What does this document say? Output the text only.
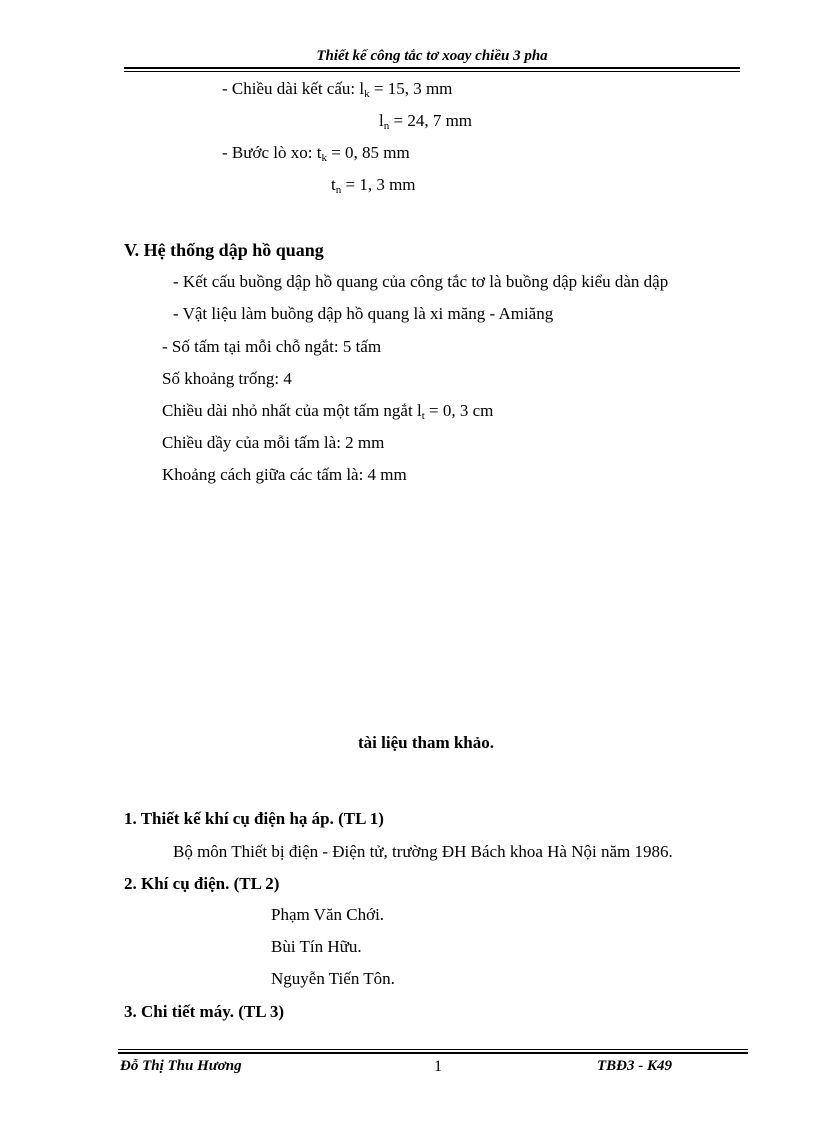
Thiết kế công tắc tơ xoay chiều 3 pha
- Chiều dài kết cấu: $l_k = 15$, 3 mm
$l_n = 24$, 7 mm
- Bước lò xo: $t_k = 0$, 85 mm
$t_n = 1$, 3 mm
V. Hệ thống dập hồ quang
- Kết cấu buồng dập hồ quang của công tắc tơ là buồng dập kiểu dàn dập
- Vật liệu làm buồng dập hồ quang là xi măng - Amiăng
- Số tấm tại mỗi chỗ ngắt: 5 tấm
Số khoảng trống: 4
Chiều dài nhỏ nhất của một tấm ngắt $l_t = 0$, 3 cm
Chiều dầy của mỗi tấm là: 2 mm
Khoảng cách giữa các tấm là: 4 mm
tài liệu tham khảo.
1. Thiết kế khí cụ điện hạ áp. (TL 1)
Bộ môn Thiết bị điện - Điện tử, trường ĐH Bách khoa Hà Nội năm 1986.
2. Khí cụ điện. (TL 2)
Phạm Văn Chới.
Bùi Tín Hữu.
Nguyễn Tiến Tôn.
3. Chi tiết máy. (TL 3)
Đỗ Thị Thu Hương	1	TBĐ3 - K49
